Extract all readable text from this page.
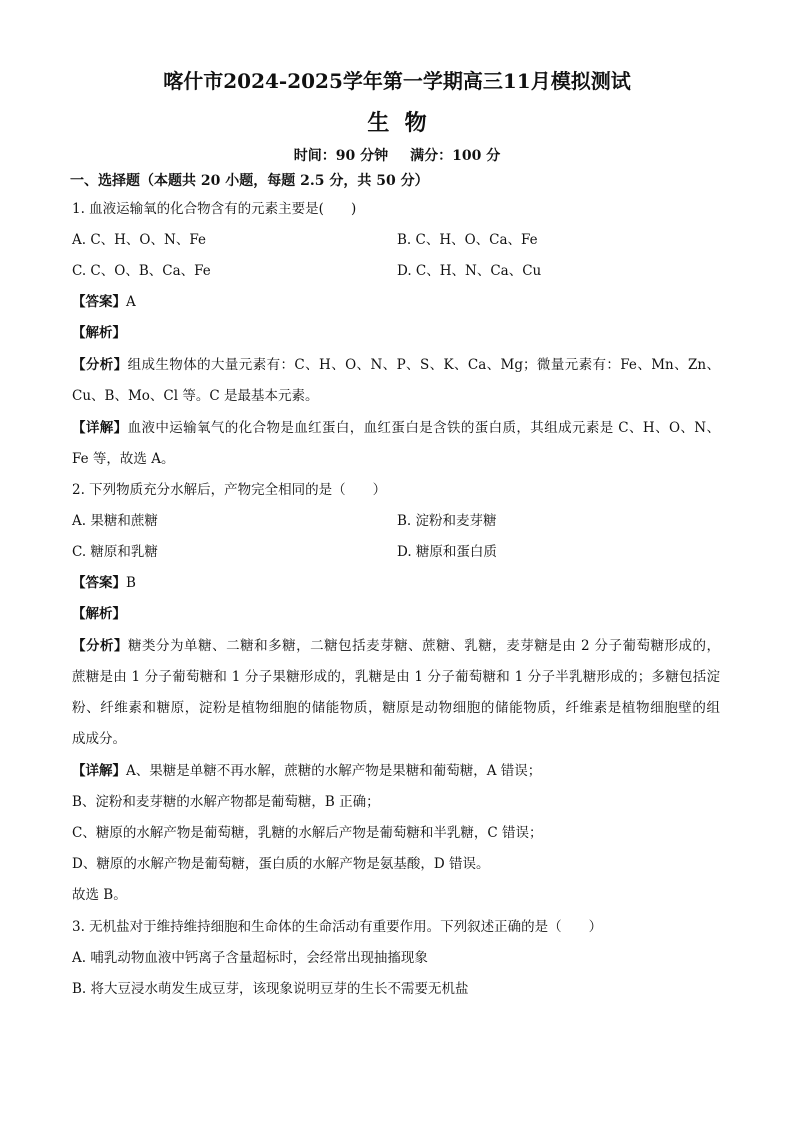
喀什市2024-2025学年第一学期高三11月模拟测试
生  物
时间：90 分钟 满分：100 分
一、选择题（本题共 20 小题，每题 2.5 分，共 50 分）
1. 血液运输氧的化合物含有的元素主要是(　　)
A. C、H、O、N、Fe	B. C、H、O、Ca、Fe
C. C、O、B、Ca、Fe	D. C、H、N、Ca、Cu
【答案】A
【解析】
【分析】组成生物体的大量元素有：C、H、O、N、P、S、K、Ca、Mg；微量元素有：Fe、Mn、Zn、
Cu、B、Mo、Cl 等。C 是最基本元素。
【详解】血液中运输氧气的化合物是血红蛋白，血红蛋白是含铁的蛋白质，其组成元素是 C、H、O、N、
Fe 等，故选 A。
2. 下列物质充分水解后，产物完全相同的是（　　）
A. 果糖和蔗糖	B. 淀粉和麦芽糖
C. 糖原和乳糖	D. 糖原和蛋白质
【答案】B
【解析】
【分析】糖类分为单糖、二糖和多糖，二糖包括麦芽糖、蔗糖、乳糖，麦芽糖是由 2 分子葡萄糖形成的，
蔗糖是由 1 分子葡萄糖和 1 分子果糖形成的，乳糖是由 1 分子葡萄糖和 1 分子半乳糖形成的；多糖包括淀
粉、纤维素和糖原，淀粉是植物细胞的储能物质，糖原是动物细胞的储能物质，纤维素是植物细胞壁的组
成成分。
【详解】A、果糖是单糖不再水解，蔗糖的水解产物是果糖和葡萄糖，A 错误；
B、淀粉和麦芽糖的水解产物都是葡萄糖，B 正确；
C、糖原的水解产物是葡萄糖，乳糖的水解后产物是葡萄糖和半乳糖，C 错误；
D、糖原的水解产物是葡萄糖，蛋白质的水解产物是氨基酸，D 错误。
故选 B。
3. 无机盐对于维持维持细胞和生命体的生命活动有重要作用。下列叙述正确的是（　　）
A. 哺乳动物血液中钙离子含量超标时，会经常出现抽搐现象
B. 将大豆浸水萌发生成豆芽，该现象说明豆芽的生长不需要无机盐
